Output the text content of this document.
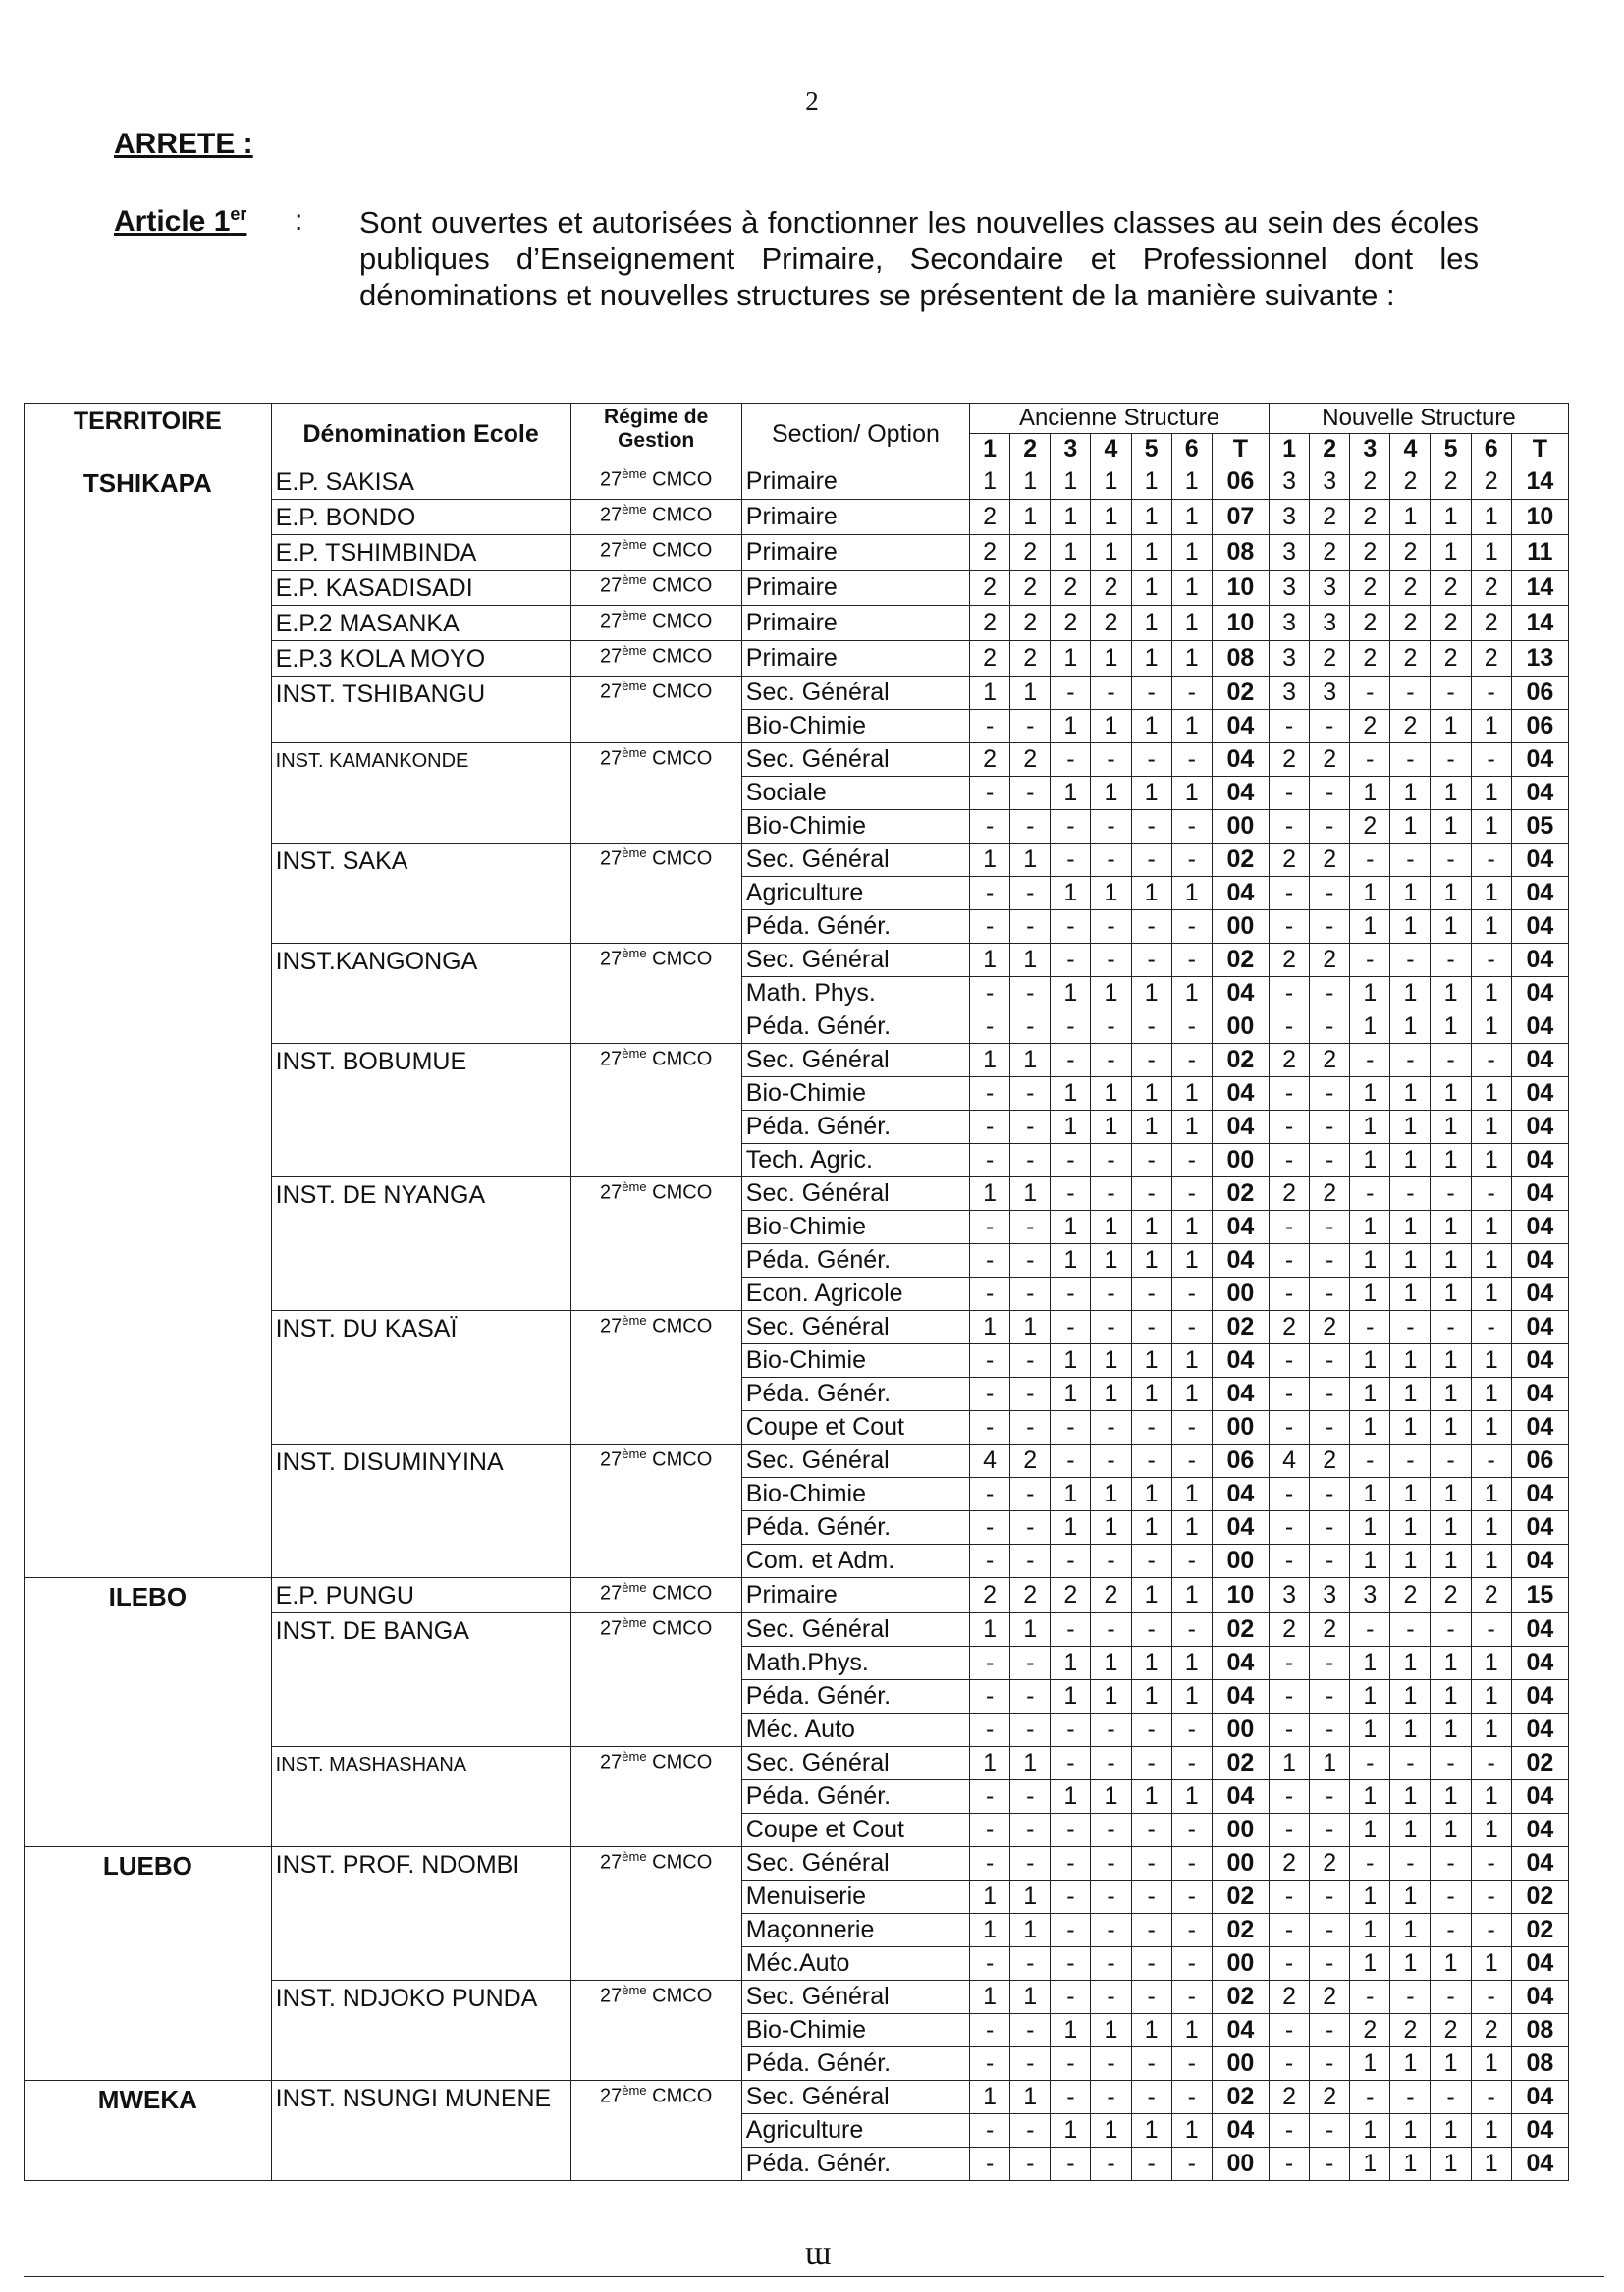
2
ARRETE :
Article 1er : Sont ouvertes et autorisées à fonctionner les nouvelles classes au sein des écoles publiques d’Enseignement Primaire, Secondaire et Professionnel dont les dénominations et nouvelles structures se présentent de la manière suivante :
TERRITOIRE	Dénomination Ecole	Régime de Gestion	Section/ Option	Ancienne Structure							Nouvelle Structure						
				1	2	3	4	5	6	T	1	2	3	4	5	6	T
TSHIKAPA	E.P. SAKISA	27ème CMCO	Primaire	1	1	1	1	1	1	06	3	3	2	2	2	2	14
	E.P. BONDO	27ème CMCO	Primaire	2	1	1	1	1	1	07	3	2	2	1	1	1	10
	E.P. TSHIMBINDA	27ème CMCO	Primaire	2	2	1	1	1	1	08	3	2	2	2	1	1	11
	E.P. KASADISADI	27ème CMCO	Primaire	2	2	2	2	1	1	10	3	3	2	2	2	2	14
	E.P.2 MASANKA	27ème CMCO	Primaire	2	2	2	2	1	1	10	3	3	2	2	2	2	14
	E.P.3 KOLA MOYO	27ème CMCO	Primaire	2	2	1	1	1	1	08	3	2	2	2	2	2	13
	INST. TSHIBANGU	27ème CMCO	Sec. Général	1	1	-	-	-	-	02	3	3	-	-	-	-	06
			Bio-Chimie	-	-	1	1	1	1	04	-	-	2	2	1	1	06
	INST. KAMANKONDE	27ème CMCO	Sec. Général	2	2	-	-	-	-	04	2	2	-	-	-	-	04
			Sociale	-	-	1	1	1	1	04	-	-	1	1	1	1	04
			Bio-Chimie	-	-	-	-	-	-	00	-	-	2	1	1	1	05
	INST. SAKA	27ème CMCO	Sec. Général	1	1	-	-	-	-	02	2	2	-	-	-	-	04
			Agriculture	-	-	1	1	1	1	04	-	-	1	1	1	1	04
			Péda. Génér.	-	-	-	-	-	-	00	-	-	1	1	1	1	04
	INST.KANGONGA	27ème CMCO	Sec. Général	1	1	-	-	-	-	02	2	2	-	-	-	-	04
			Math. Phys.	-	-	1	1	1	1	04	-	-	1	1	1	1	04
			Péda. Génér.	-	-	-	-	-	-	00	-	-	1	1	1	1	04
	INST. BOBUMUE	27ème CMCO	Sec. Général	1	1	-	-	-	-	02	2	2	-	-	-	-	04
			Bio-Chimie	-	-	1	1	1	1	04	-	-	1	1	1	1	04
			Péda. Génér.	-	-	1	1	1	1	04	-	-	1	1	1	1	04
			Tech. Agric.	-	-	-	-	-	-	00	-	-	1	1	1	1	04
	INST. DE NYANGA	27ème CMCO	Sec. Général	1	1	-	-	-	-	02	2	2	-	-	-	-	04
			Bio-Chimie	-	-	1	1	1	1	04	-	-	1	1	1	1	04
			Péda. Génér.	-	-	1	1	1	1	04	-	-	1	1	1	1	04
			Econ. Agricole	-	-	-	-	-	-	00	-	-	1	1	1	1	04
	INST. DU KASAÏ	27ème CMCO	Sec. Général	1	1	-	-	-	-	02	2	2	-	-	-	-	04
			Bio-Chimie	-	-	1	1	1	1	04	-	-	1	1	1	1	04
			Péda. Génér.	-	-	1	1	1	1	04	-	-	1	1	1	1	04
			Coupe et Cout	-	-	-	-	-	-	00	-	-	1	1	1	1	04
	INST. DISUMINYINA	27ème CMCO	Sec. Général	4	2	-	-	-	-	06	4	2	-	-	-	-	06
			Bio-Chimie	-	-	1	1	1	1	04	-	-	1	1	1	1	04
			Péda. Génér.	-	-	1	1	1	1	04	-	-	1	1	1	1	04
			Com. et Adm.	-	-	-	-	-	-	00	-	-	1	1	1	1	04
ILEBO	E.P. PUNGU	27ème CMCO	Primaire	2	2	2	2	1	1	10	3	3	3	2	2	2	15
	INST. DE BANGA	27ème CMCO	Sec. Général	1	1	-	-	-	-	02	2	2	-	-	-	-	04
			Math.Phys.	-	-	1	1	1	1	04	-	-	1	1	1	1	04
			Péda. Génér.	-	-	1	1	1	1	04	-	-	1	1	1	1	04
			Méc. Auto	-	-	-	-	-	-	00	-	-	1	1	1	1	04
	INST. MASHASHANA	27ème CMCO	Sec. Général	1	1	-	-	-	-	02	1	1	-	-	-	-	02
			Péda. Génér.	-	-	1	1	1	1	04	-	-	1	1	1	1	04
			Coupe et Cout	-	-	-	-	-	-	00	-	-	1	1	1	1	04
LUEBO	INST. PROF. NDOMBI	27ème CMCO	Sec. Général	-	-	-	-	-	-	00	2	2	-	-	-	-	04
			Menuiserie	1	1	-	-	-	-	02	-	-	1	1	-	-	02
			Maçonnerie	1	1	-	-	-	-	02	-	-	1	1	-	-	02
			Méc.Auto	-	-	-	-	-	-	00	-	-	1	1	1	1	04
	INST. NDJOKO PUNDA	27ème CMCO	Sec. Général	1	1	-	-	-	-	02	2	2	-	-	-	-	04
			Bio-Chimie	-	-	1	1	1	1	04	-	-	2	2	2	2	08
			Péda. Génér.	-	-	-	-	-	-	00	-	-	1	1	1	1	08
MWEKA	INST. NSUNGI MUNENE	27ème CMCO	Sec. Général	1	1	-	-	-	-	02	2	2	-	-	-	-	04
			Agriculture	-	-	1	1	1	1	04	-	-	1	1	1	1	04
			Péda. Génér.	-	-	-	-	-	-	00	-	-	1	1	1	1	04
ɯ
